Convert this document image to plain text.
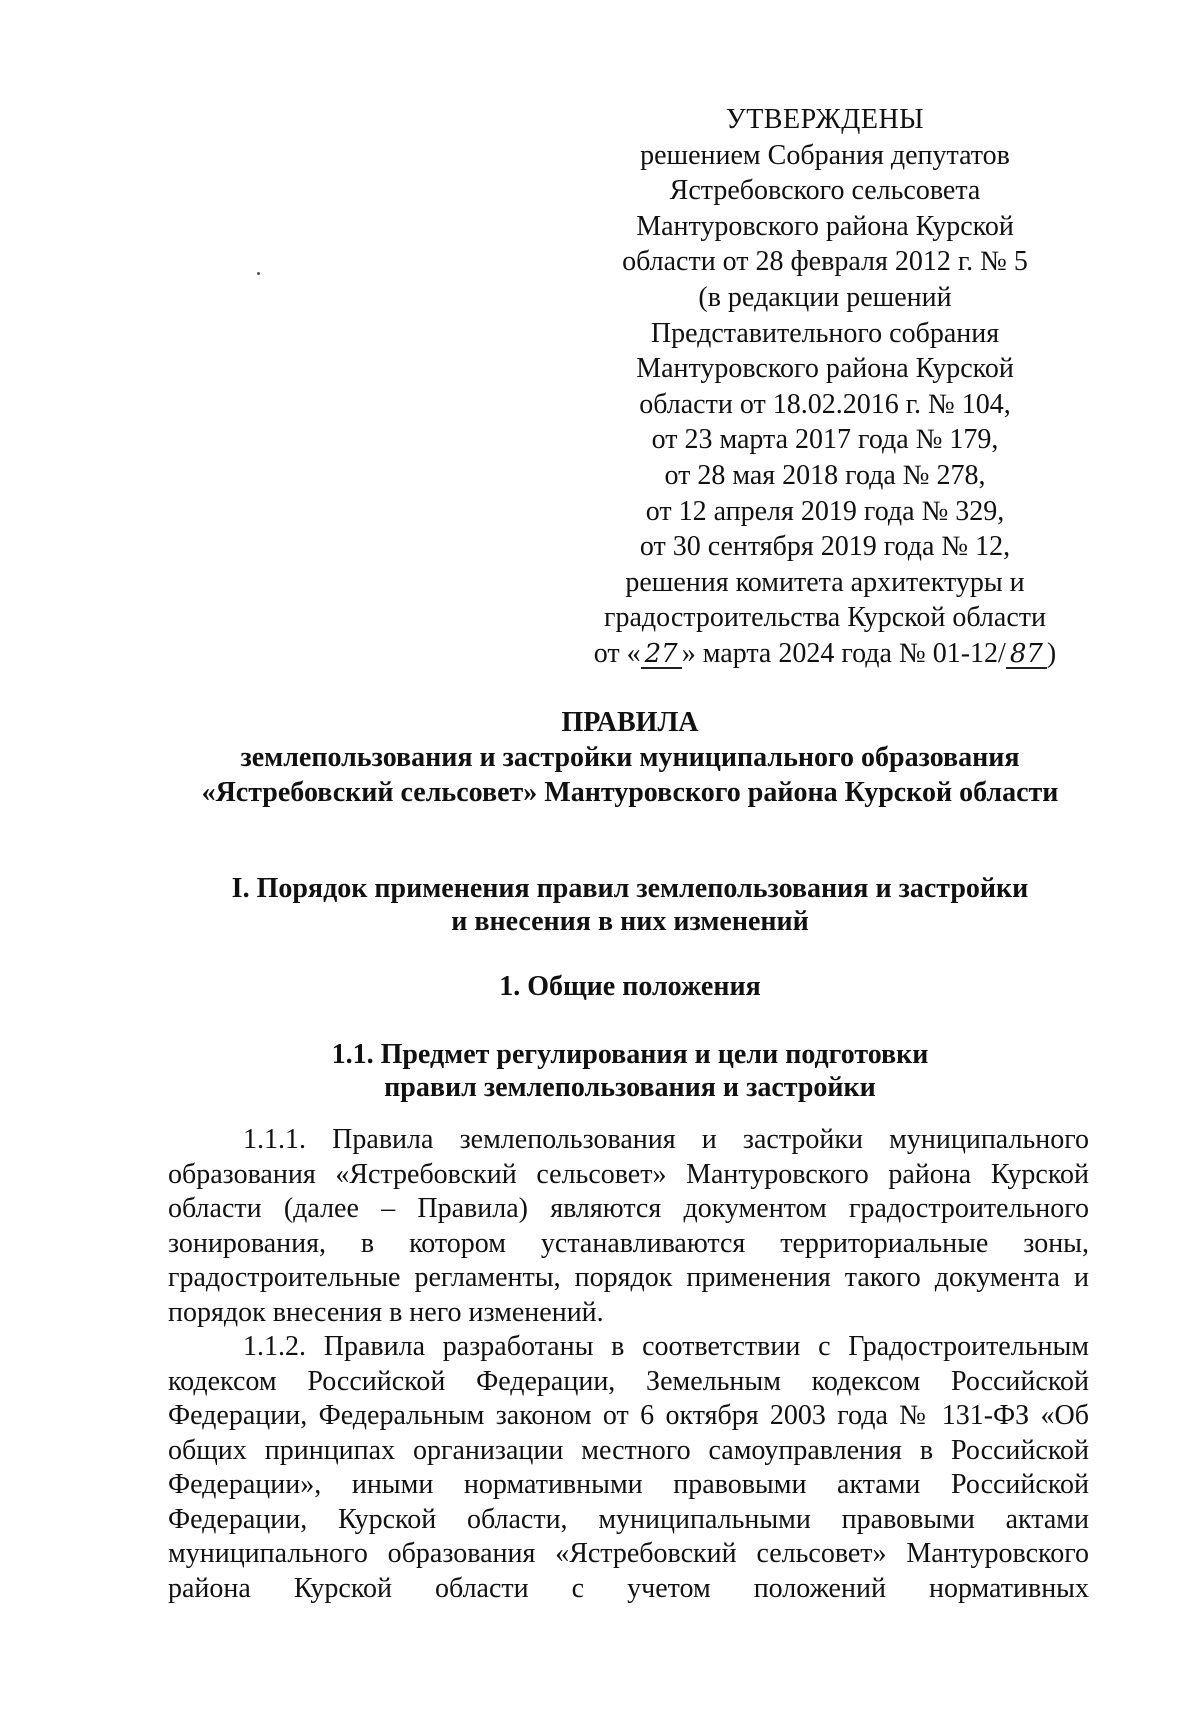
УТВЕРЖДЕНЫ
решением Собрания депутатов
Ястребовского сельсовета
Мантуровского района Курской
области от 28 февраля 2012 г. № 5
(в редакции решений
Представительного собрания
Мантуровского района Курской
области от 18.02.2016 г. № 104,
от 23 марта 2017 года № 179,
от 28 мая 2018 года № 278,
от 12 апреля 2019 года № 329,
от 30 сентября 2019 года № 12,
решения комитета архитектуры и
градостроительства Курской области
от « 27 » марта 2024 года № 01-12/ 87 )
ПРАВИЛА
землепользования и застройки муниципального образования
«Ястребовский сельсовет» Мантуровского района Курской области
I. Порядок применения правил землепользования и застройки
и внесения в них изменений
1. Общие положения
1.1. Предмет регулирования и цели подготовки
правил землепользования и застройки

1.1.1. Правила землепользования и застройки муниципального образования «Ястребовский сельсовет» Мантуровского района Курской области (далее – Правила) являются документом градостроительного зонирования, в котором устанавливаются территориальные зоны, градостроительные регламенты, порядок применения такого документа и порядок внесения в него изменений.

1.1.2. Правила разработаны в соответствии с Градостроительным кодексом Российской Федерации, Земельным кодексом Российской Федерации, Федеральным законом от 6 октября 2003 года № 131-ФЗ «Об общих принципах организации местного самоуправления в Российской Федерации», иными нормативными правовыми актами Российской Федерации, Курской области, муниципальными правовыми актами муниципального образования «Ястребовский сельсовет» Мантуровского района Курской области с учетом положений нормативных
